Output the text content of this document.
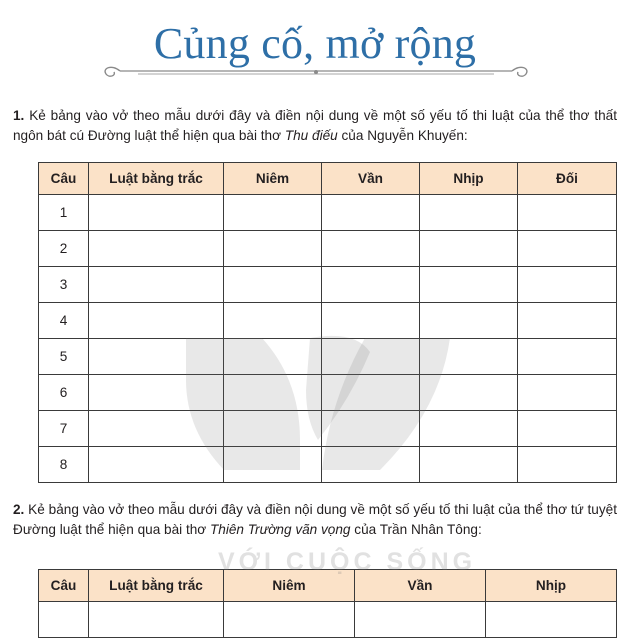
Củng cố, mở rộng
1. Kẻ bảng vào vở theo mẫu dưới đây và điền nội dung về một số yếu tố thi luật của thể thơ thất ngôn bát cú Đường luật thể hiện qua bài thơ Thu điếu của Nguyễn Khuyến:
Câu	Luật bằng trắc	Niêm	Vần	Nhịp	Đối
1					
2					
3					
4					
5					
6					
7					
8					
2. Kẻ bảng vào vở theo mẫu dưới đây và điền nội dung về một số yếu tố thi luật của thể thơ tứ tuyệt Đường luật thể hiện qua bài thơ Thiên Trường vãn vọng của Trần Nhân Tông:
Câu	Luật bằng trắc	Niêm	Vần	Nhịp

VỚI CUỘC SỐNG
